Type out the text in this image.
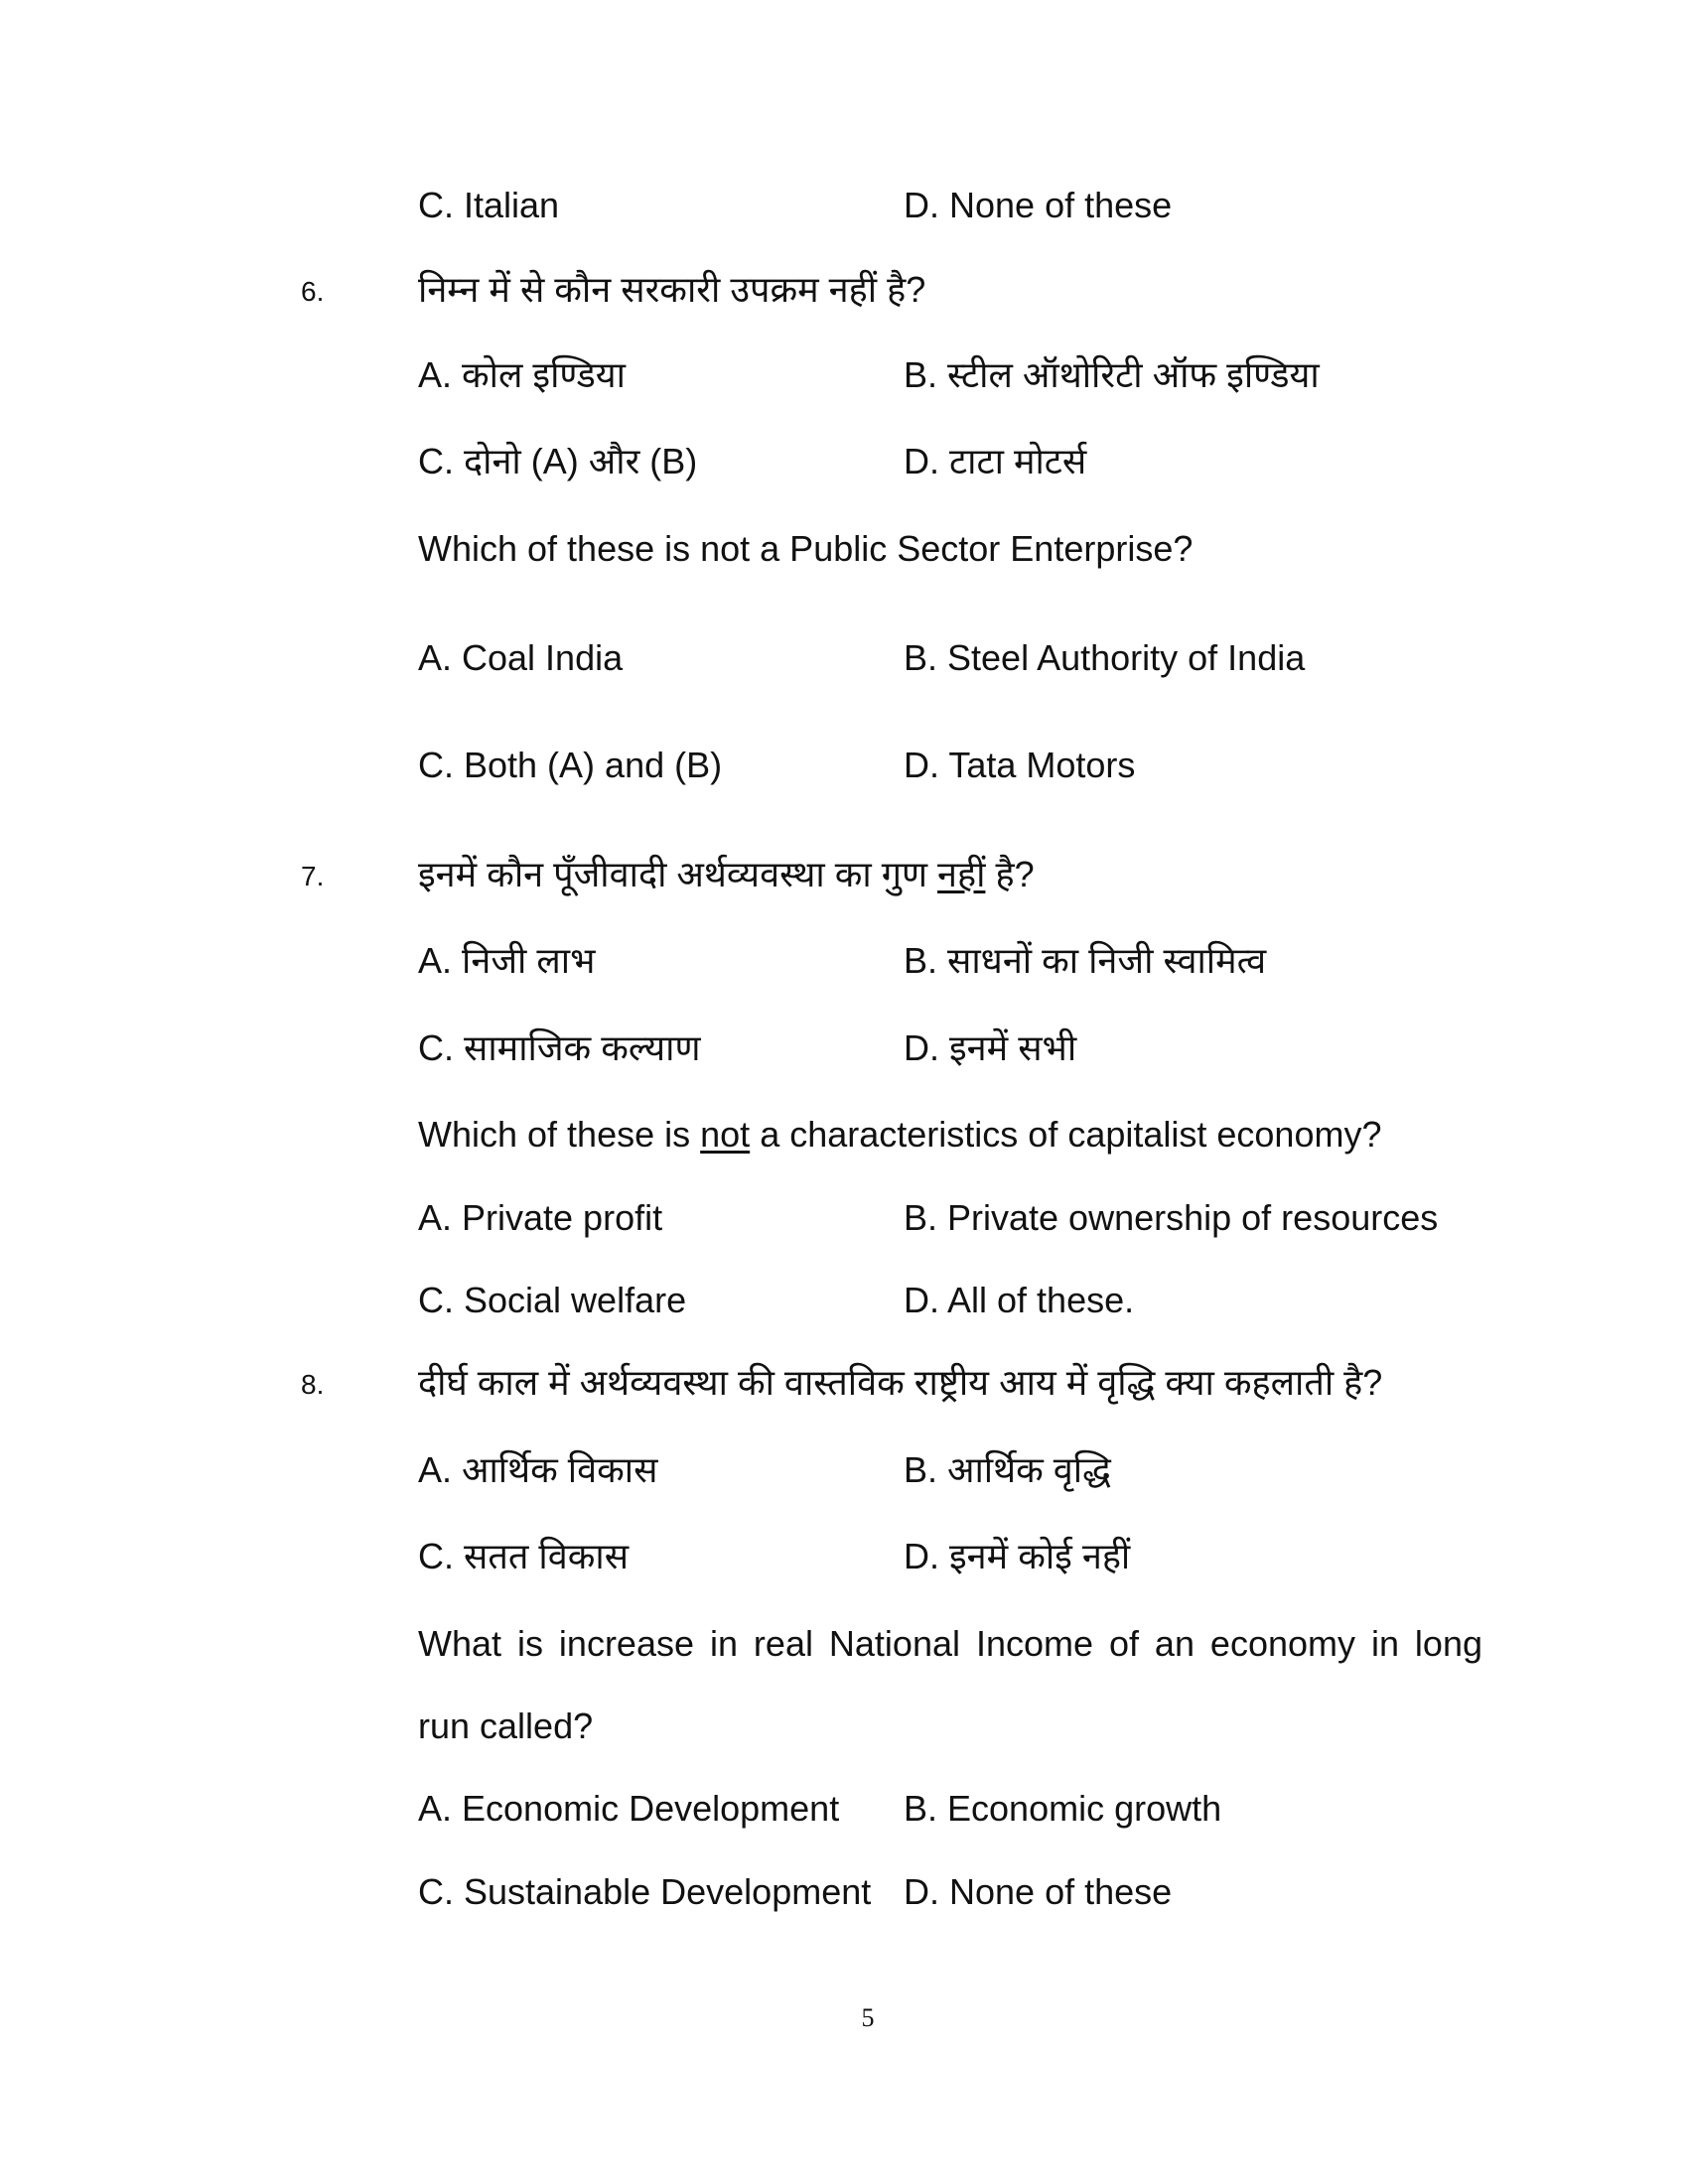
C. Italian	D. None of these
6.	निम्न में से कौन सरकारी उपक्रम नहीं है?
A. कोल इण्डिया	B. स्टील ऑथोरिटी ऑफ इण्डिया
C. दोनो (A) और (B)	D. टाटा मोटर्स
Which of these is not a Public Sector Enterprise?
A. Coal India	B. Steel Authority of India
C. Both (A) and (B)	D. Tata Motors
7.	इनमें कौन पूँजीवादी अर्थव्यवस्था का गुण नहीं है?
A. निजी लाभ	B. साधनों का निजी स्वामित्व
C. सामाजिक कल्याण	D. इनमें सभी
Which of these is not a characteristics of capitalist economy?
A. Private profit	B. Private ownership of resources
C. Social welfare	D. All of these.
8.	दीर्घ काल में अर्थव्यवस्था की वास्तविक राष्ट्रीय आय में वृद्धि क्या कहलाती है?
A. आर्थिक विकास	B. आर्थिक वृद्धि
C. सतत विकास	D. इनमें कोई नहीं
What is increase in real National Income of an economy in long
run called?
A. Economic Development B. Economic growth
C. Sustainable Development D. None of these
5
